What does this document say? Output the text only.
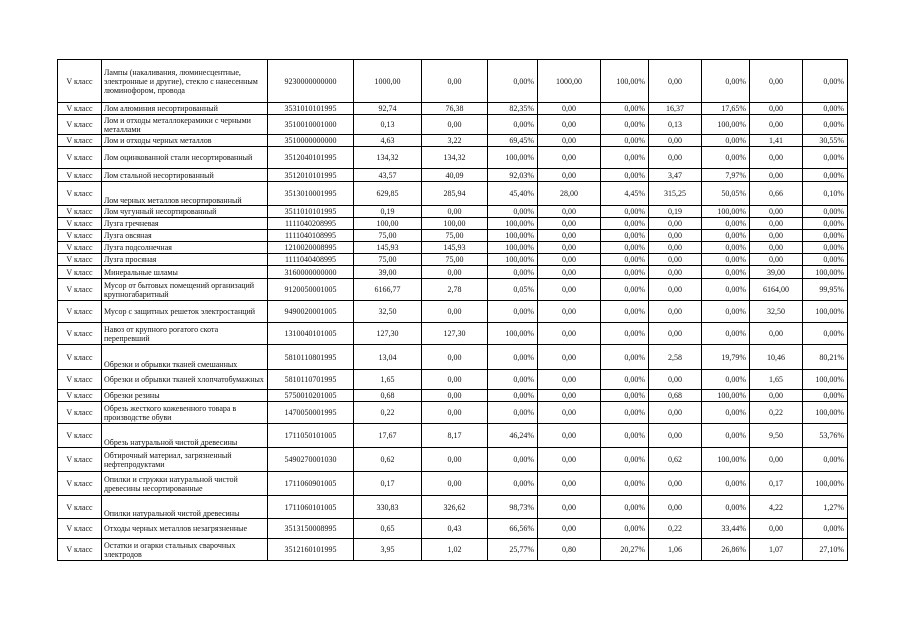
V класс	Лампы (накаливания, люминесцентные, электронные и другие), стекло с нанесенным люминофором, провода	9230000000000	1000,00	0,00	0,00%	1000,00	100,00%	0,00	0,00%	0,00	0,00%
V класс	Лом алюминия несортированный	3531010101995	92,74	76,38	82,35%	0,00	0,00%	16,37	17,65%	0,00	0,00%
V класс	Лом и отходы металлокерамики с черными металлами	3510010001000	0,13	0,00	0,00%	0,00	0,00%	0,13	100,00%	0,00	0,00%
V класс	Лом и отходы черных металлов	3510000000000	4,63	3,22	69,45%	0,00	0,00%	0,00	0,00%	1,41	30,55%
V класс	Лом оцинкованной стали несортированный	3512040101995	134,32	134,32	100,00%	0,00	0,00%	0,00	0,00%	0,00	0,00%
V класс	Лом стальной несортированный	3512010101995	43,57	40,09	92,03%	0,00	0,00%	3,47	7,97%	0,00	0,00%
V класс	Лом черных металлов несортированный	3513010001995	629,85	285,94	45,40%	28,00	4,45%	315,25	50,05%	0,66	0,10%
V класс	Лом чугунный несортированный	3511010101995	0,19	0,00	0,00%	0,00	0,00%	0,19	100,00%	0,00	0,00%
V класс	Лузга гречневая	1111040208995	100,00	100,00	100,00%	0,00	0,00%	0,00	0,00%	0,00	0,00%
V класс	Лузга овсяная	1111040108995	75,00	75,00	100,00%	0,00	0,00%	0,00	0,00%	0,00	0,00%
V класс	Лузга подсолнечная	1210020008995	145,93	145,93	100,00%	0,00	0,00%	0,00	0,00%	0,00	0,00%
V класс	Лузга просяная	1111040408995	75,00	75,00	100,00%	0,00	0,00%	0,00	0,00%	0,00	0,00%
V класс	Минеральные шламы	3160000000000	39,00	0,00	0,00%	0,00	0,00%	0,00	0,00%	39,00	100,00%
V класс	Мусор от бытовых помещений организаций крупногабаритный	9120050001005	6166,77	2,78	0,05%	0,00	0,00%	0,00	0,00%	6164,00	99,95%
V класс	Мусор с защитных решеток электростанций	9490020001005	32,50	0,00	0,00%	0,00	0,00%	0,00	0,00%	32,50	100,00%
V класс	Навоз от крупного рогатого скота перепревший	1310040101005	127,30	127,30	100,00%	0,00	0,00%	0,00	0,00%	0,00	0,00%
V класс	Обрезки и обрывки тканей смешанных	5810110801995	13,04	0,00	0,00%	0,00	0,00%	2,58	19,79%	10,46	80,21%
V класс	Обрезки и обрывки тканей хлопчатобумажных	5810110701995	1,65	0,00	0,00%	0,00	0,00%	0,00	0,00%	1,65	100,00%
V класс	Обрезки резины	5750010201005	0,68	0,00	0,00%	0,00	0,00%	0,68	100,00%	0,00	0,00%
V класс	Обрезь жесткого кожевенного товара в производстве обуви	1470050001995	0,22	0,00	0,00%	0,00	0,00%	0,00	0,00%	0,22	100,00%
V класс	Обрезь натуральной чистой древесины	1711050101005	17,67	8,17	46,24%	0,00	0,00%	0,00	0,00%	9,50	53,76%
V класс	Обтирочный материал, загрязненный нефтепродуктами	5490270001030	0,62	0,00	0,00%	0,00	0,00%	0,62	100,00%	0,00	0,00%
V класс	Опилки и стружки натуральной чистой древесины несортированные	1711060901005	0,17	0,00	0,00%	0,00	0,00%	0,00	0,00%	0,17	100,00%
V класс	Опилки натуральной чистой древесины	1711060101005	330,83	326,62	98,73%	0,00	0,00%	0,00	0,00%	4,22	1,27%
V класс	Отходы черных металлов незагрязненные	3513150008995	0,65	0,43	66,56%	0,00	0,00%	0,22	33,44%	0,00	0,00%
V класс	Остатки и огарки стальных сварочных электродов	3512160101995	3,95	1,02	25,77%	0,80	20,27%	1,06	26,86%	1,07	27,10%
